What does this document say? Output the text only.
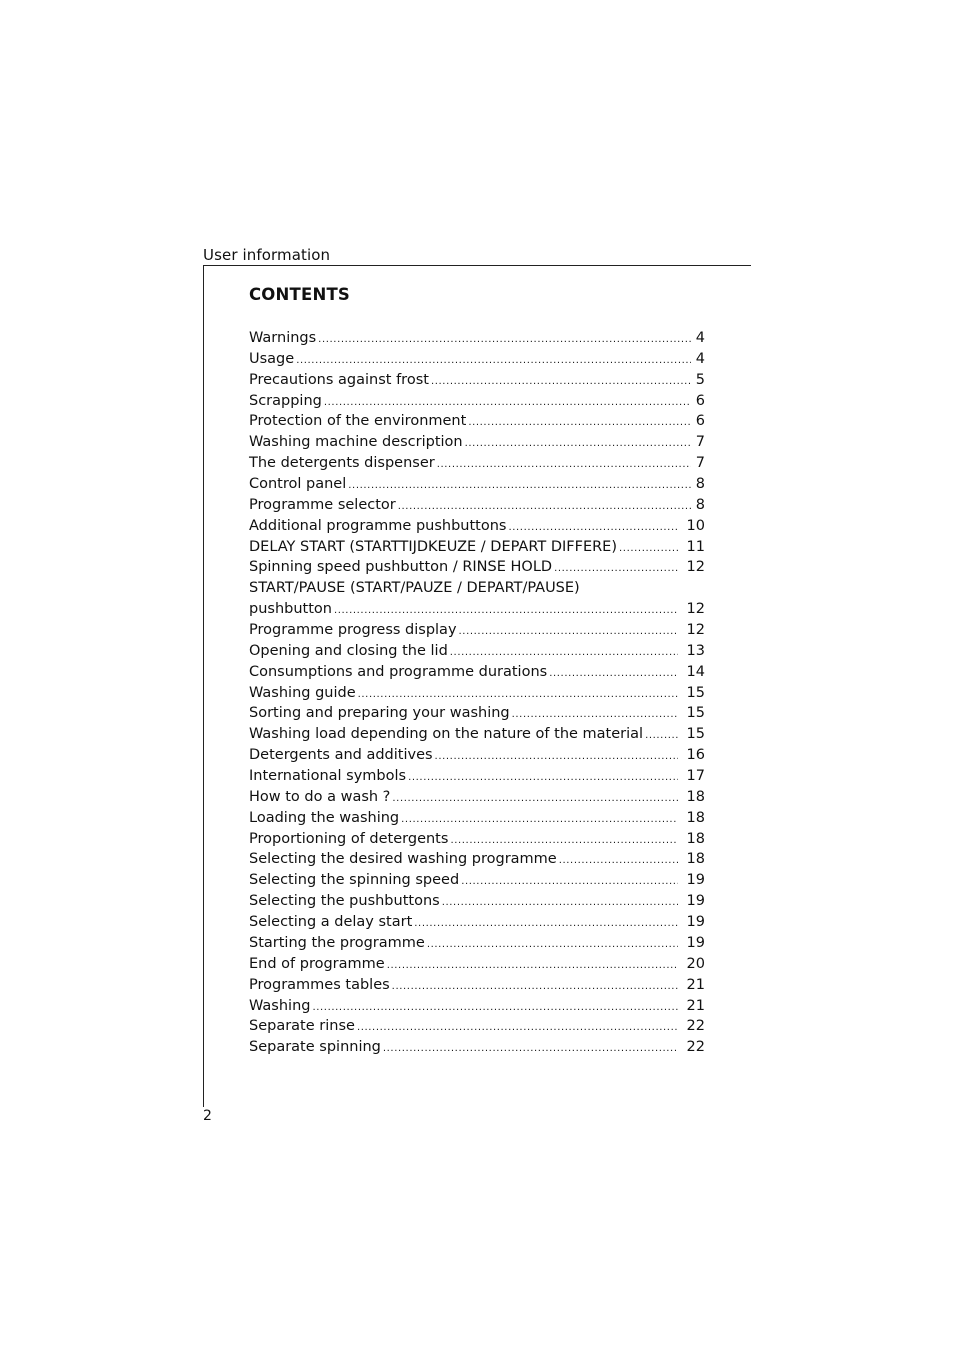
User information
CONTENTS
Warnings .....	4
Usage .....	4
Precautions against frost .....	5
Scrapping .....	6
Protection of the environment .....	6
Washing machine description .....	7
The detergents dispenser .....	7
Control panel .....	8
Programme selector .....	8
Additional programme pushbuttons .....	10
DELAY START (STARTTIJDKEUZE / DEPART DIFFERE) .....	11
Spinning speed pushbutton / RINSE HOLD .....	12
START/PAUSE (START/PAUZE / DEPART/PAUSE)
pushbutton .....	12
Programme progress display .....	12
Opening and closing the lid .....	13
Consumptions and programme durations .....	14
Washing guide .....	15
Sorting and preparing your washing .....	15
Washing load depending on the nature of the material .....	15
Detergents and additives .....	16
International symbols .....	17
How to do a wash ? .....	18
Loading the washing .....	18
Proportioning of detergents .....	18
Selecting the desired washing programme .....	18
Selecting the spinning speed .....	19
Selecting the pushbuttons .....	19
Selecting a delay start .....	19
Starting the programme .....	19
End of programme .....	20
Programmes tables .....	21
Washing .....	21
Separate rinse .....	22
Separate spinning .....	22
2
